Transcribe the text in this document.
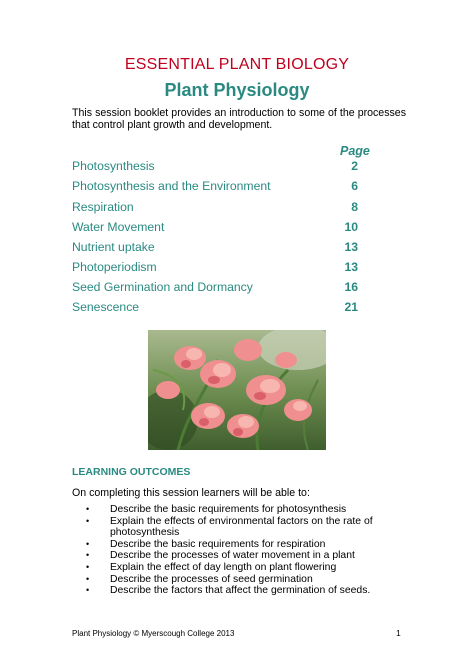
ESSENTIAL PLANT BIOLOGY
Plant Physiology
This session booklet provides an introduction to some of the processes that control plant growth and development.
Page
Photosynthesis	2
Photosynthesis and the Environment	6
Respiration	8
Water Movement	10
Nutrient uptake	13
Photoperiodism	13
Seed Germination and Dormancy	16
Senescence	21
LEARNING OUTCOMES
On completing this session learners will be able to:
• Describe the basic requirements for photosynthesis
• Explain the effects of environmental factors on the rate of photosynthesis
• Describe the basic requirements for respiration
• Describe the processes of water movement in a plant
• Explain the effect of day length on plant flowering
• Describe the processes of seed germination
• Describe the factors that affect the germination of seeds.
Plant Physiology © Myerscough College 2013	1
